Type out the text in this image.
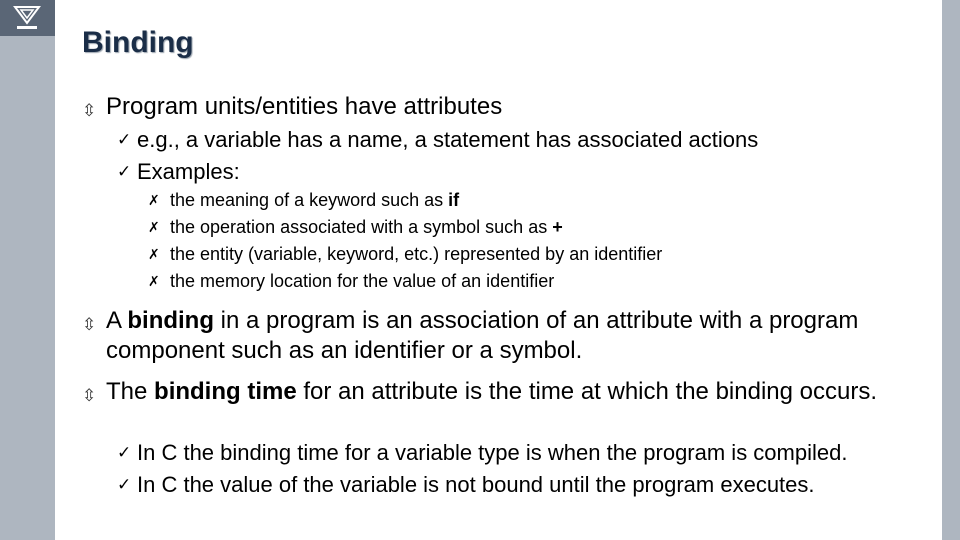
Binding
⇳ Program units/entities have attributes
✓ e.g., a variable has a name, a statement has associated actions
✓ Examples:
✗ the meaning of a keyword such as if
✗ the operation associated with a symbol such as +
✗ the entity (variable, keyword, etc.) represented by an identifier
✗ the memory location for the value of an identifier
⇳ A binding in a program is an association of an attribute with a program component such as an identifier or a symbol.
⇳ The binding time for an attribute is the time at which the binding occurs.
✓ In C the binding time for a variable type is when the program is compiled.
✓ In C the value of the variable is not bound until the program executes.
